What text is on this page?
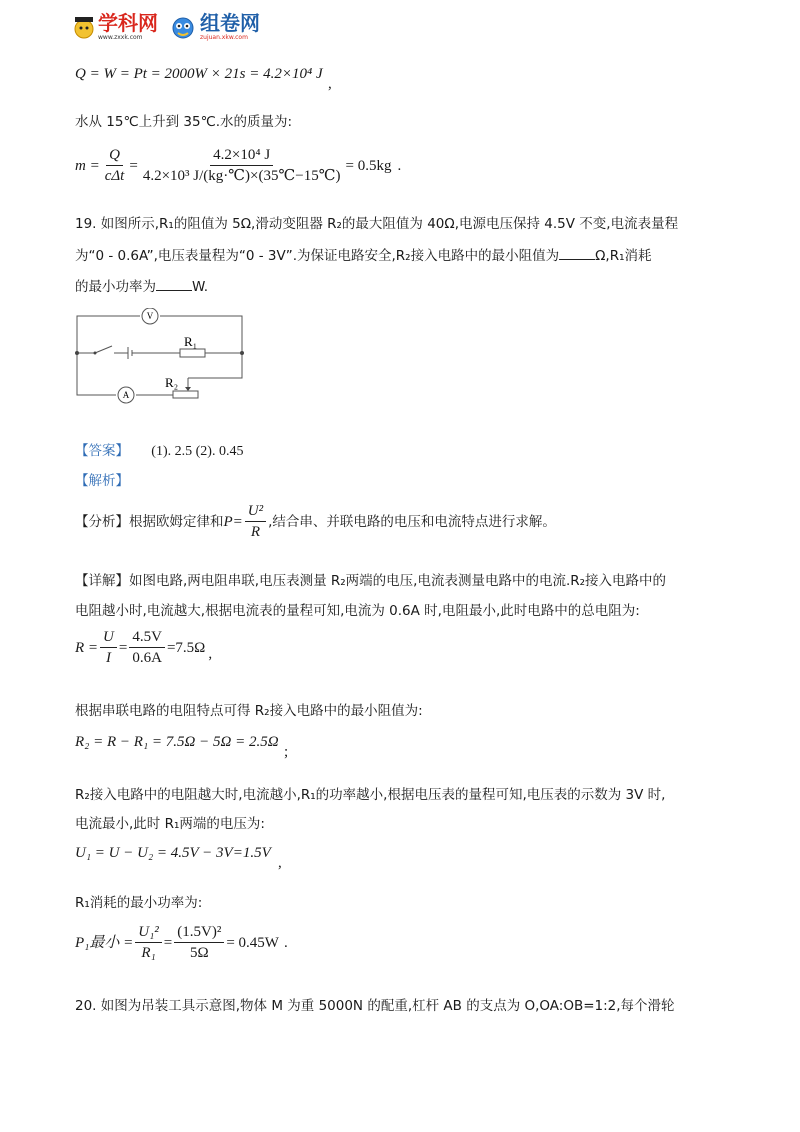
学科网
www.zxxk.com
组卷网
zujuan.xkw.com
Q = W = Pt = 2000W × 21s = 4.2×10⁴ J
,
水从 15℃上升到 35℃.水的质量为:
$m = \frac{Q}{\text{cΔt}} = \frac{\text{4.2×10⁴ J}}{\text{4.2×10³ J/(kg·℃)×(35℃−15℃)}} = 0.5kg$ .
19. 如图所示,R₁的阻值为 5Ω,滑动变阻器 R₂的最大阻值为 40Ω,电源电压保持 4.5V 不变,电流表量程
为“0 - 0.6A”,电压表量程为“0 - 3V”.为保证电路安全,R₂接入电路中的最小阻值为	Ω,R₁消耗
的最小功率为	W.
V
A
R₁
R₂
【答案】 (1). 2.5 (2). 0.45
【解析】
【分析】根据欧姆定律和 $P= \frac{\text{U²}}{R}$ ,结合串、并联电路的电压和电流特点进行求解。
【详解】如图电路,两电阻串联,电压表测量 R₂两端的电压,电流表测量电路中的电流.R₂接入电路中的
电阻越小时,电流越大,根据电流表的量程可知,电流为 0.6A 时,电阻最小,此时电路中的总电阻为:
$R = \frac{U}{I} = \frac{4.5V}{0.6A} =7.5\Omega$ ,
根据串联电路的电阻特点可得 R₂接入电路中的最小阻值为:
R₂ = R − R₁ = 7.5Ω − 5Ω = 2.5Ω
;
R₂接入电路中的电阻越大时,电流越小,R₁的功率越小,根据电压表的量程可知,电压表的示数为 3V 时,
电流最小,此时 R₁两端的电压为:
U₁ = U − U₂ = 4.5V − 3V=1.5V
,
R₁消耗的最小功率为:
P₁最小 = $\frac{\text{U₁²}}{\text{R₁}} = \frac{\text{(1.5V)²}}{5\Omega} = 0.45W$ .
20. 如图为吊装工具示意图,物体 M 为重 5000N 的配重,杠杆 AB 的支点为 O,OA:OB=1:2,每个滑轮
